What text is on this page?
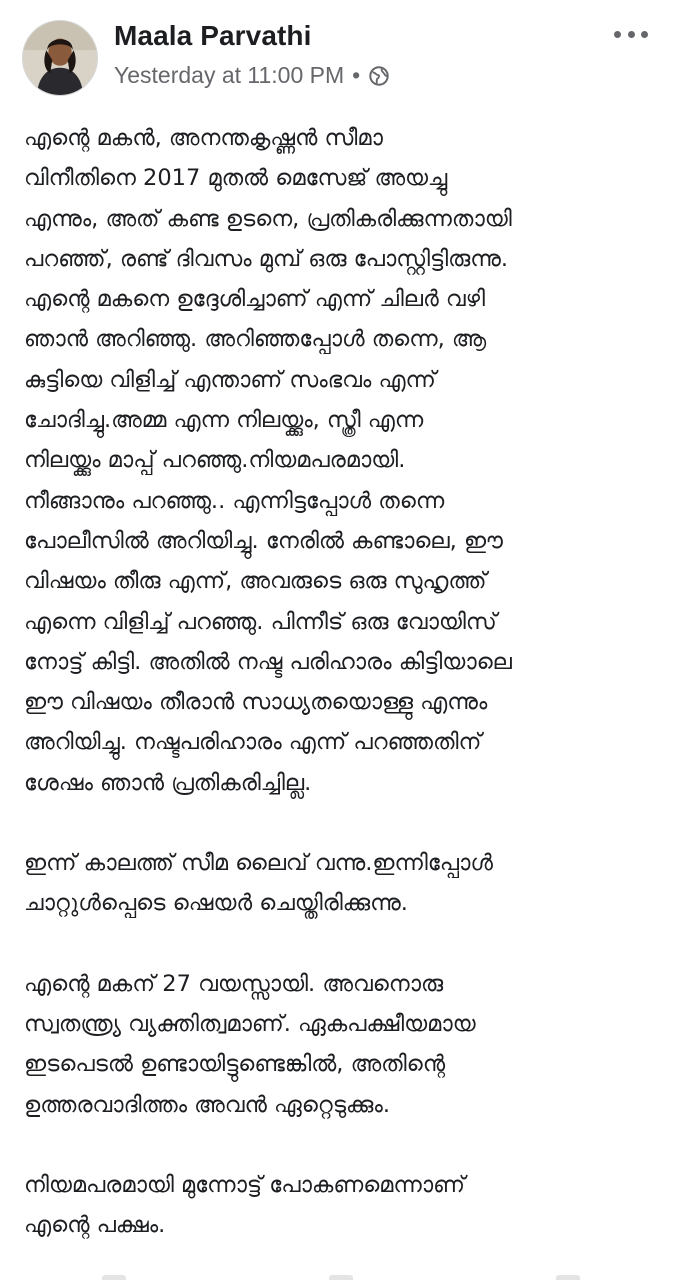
Maala Parvathi
Yesterday at 11:00 PM •

എന്റെ മകൻ, അനന്തകൃഷ്ണൻ സീമാ
വിനീതിനെ 2017 മുതൽ മെസേജ് അയച്ചു
എന്നും, അത് കണ്ട ഉടനെ, പ്രതികരിക്കുന്നതായി
പറഞ്ഞ്, രണ്ട് ദിവസം മുമ്പ് ഒരു പോസ്റ്റിട്ടിരുന്നു.
എന്റെ മകനെ ഉദ്ദേശിച്ചാണ് എന്ന് ചിലർ വഴി
ഞാൻ അറിഞ്ഞു. അറിഞ്ഞപ്പോൾ തന്നെ, ആ
കുട്ടിയെ വിളിച്ച് എന്താണ് സംഭവം എന്ന്
ചോദിച്ചു.അമ്മ എന്ന നിലയ്ക്കും, സ്ത്രീ എന്ന
നിലയ്ക്കും മാപ്പ് പറഞ്ഞു.നിയമപരമായി.
നീങ്ങാനും പറഞ്ഞു.. എന്നിട്ടപ്പോൾ തന്നെ
പോലീസിൽ അറിയിച്ചു. നേരിൽ കണ്ടാലെ, ഈ
വിഷയം തീരു എന്ന്, അവരുടെ ഒരു സുഹൃത്ത്
എന്നെ വിളിച്ച് പറഞ്ഞു. പിന്നീട് ഒരു വോയിസ്
നോട്ട് കിട്ടി. അതിൽ നഷ്ട പരിഹാരം കിട്ടിയാലെ
ഈ വിഷയം തീരാൻ സാധ്യതയൊള്ളു എന്നും
അറിയിച്ചു. നഷ്ടപരിഹാരം എന്ന് പറഞ്ഞതിന്
ശേഷം ഞാൻ പ്രതികരിച്ചില്ല.

ഇന്ന് കാലത്ത് സീമ ലൈവ് വന്നു.ഇന്നിപ്പോൾ
ചാറ്റുൾപ്പെടെ ഷെയർ ചെയ്തിരിക്കുന്നു.

എന്റെ മകന് 27 വയസ്സായി. അവനൊരു
സ്വതന്ത്ര്യ വ്യക്തിത്വമാണ്. ഏകപക്ഷീയമായ
ഇടപെടൽ ഉണ്ടായിട്ടുണ്ടെങ്കിൽ, അതിന്റെ
ഉത്തരവാദിത്തം അവൻ ഏറ്റെടുക്കും.

നിയമപരമായി മുന്നോട്ട് പോകണമെന്നാണ്
എന്റെ പക്ഷം.
